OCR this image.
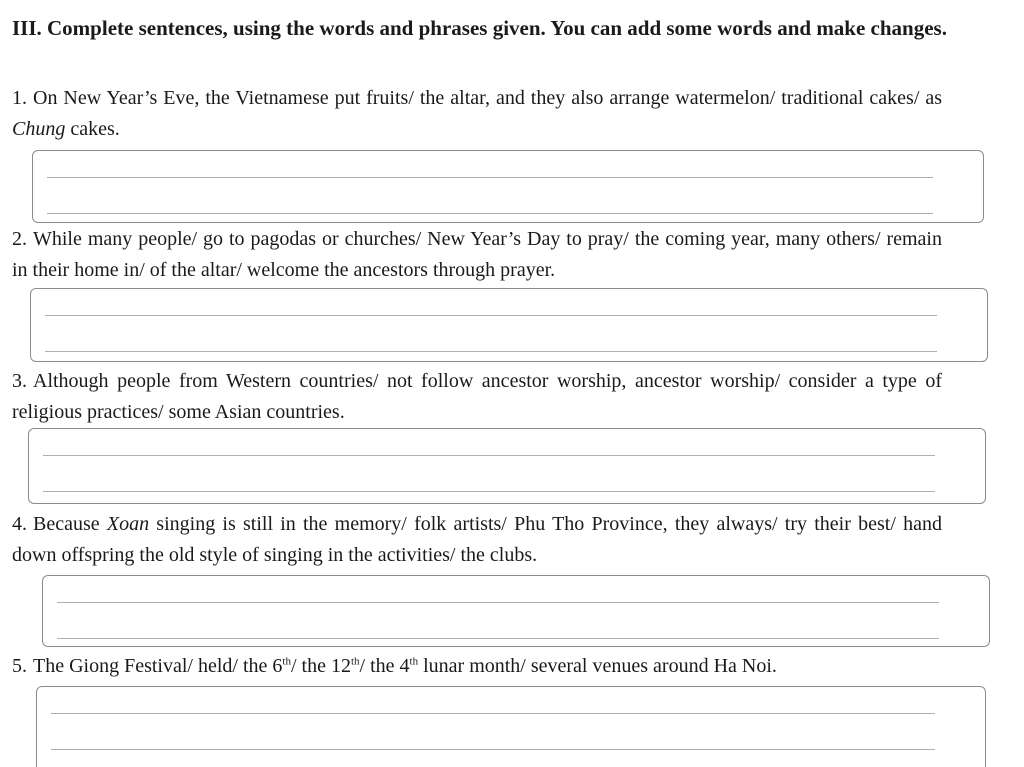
III. Complete sentences, using the words and phrases given. You can add some words and make changes.
1. On New Year’s Eve, the Vietnamese put fruits/ the altar, and they also arrange watermelon/ traditional cakes/ as Chung cakes.
2. While many people/ go to pagodas or churches/ New Year’s Day to pray/ the coming year, many others/ remain in their home in/ of the altar/ welcome the ancestors through prayer.
3. Although people from Western countries/ not follow ancestor worship, ancestor worship/ consider a type of religious practices/ some Asian countries.
4. Because Xoan singing is still in the memory/ folk artists/ Phu Tho Province, they always/ try their best/ hand down offspring the old style of singing in the activities/ the clubs.
5. The Giong Festival/ held/ the 6th/ the 12th/ the 4th lunar month/ several venues around Ha Noi.
